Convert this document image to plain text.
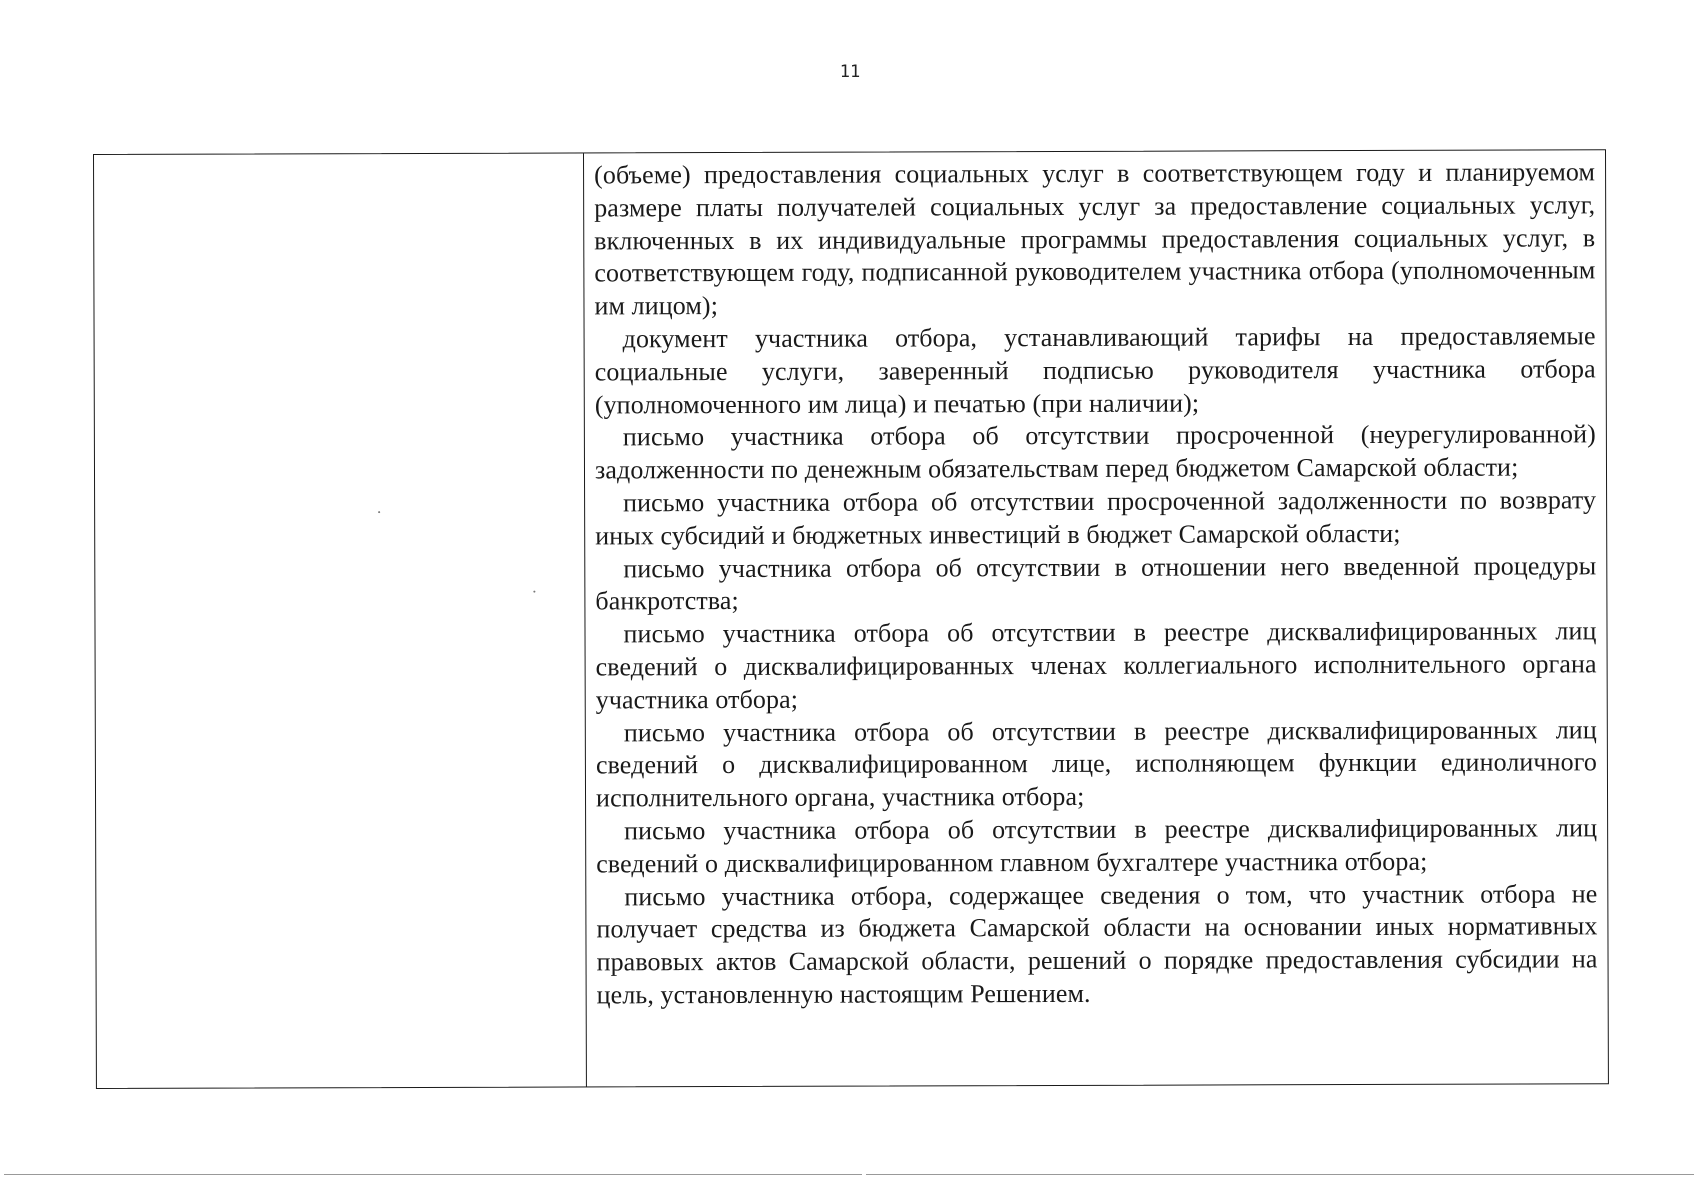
11

(объеме) предоставления социальных услуг в соответствующем году и планируемом размере платы получателей социальных услуг за предоставление социальных услуг, включенных в их индивидуальные программы предоставления социальных услуг, в соответствующем году, подписанной руководителем участника отбора (уполномоченным им лицом);

документ участника отбора, устанавливающий тарифы на предоставляемые социальные услуги, заверенный подписью руководителя участника отбора (уполномоченного им лица) и печатью (при наличии);

письмо участника отбора об отсутствии просроченной (неурегулированной) задолженности по денежным обязательствам перед бюджетом Самарской области;

письмо участника отбора об отсутствии просроченной задолженности по возврату иных субсидий и бюджетных инвестиций в бюджет Самарской области;

письмо участника отбора об отсутствии в отношении него введенной процедуры банкротства;

письмо участника отбора об отсутствии в реестре дисквалифицированных лиц сведений о дисквалифицированных членах коллегиального исполнительного органа участника отбора;

письмо участника отбора об отсутствии в реестре дисквалифицированных лиц сведений о дисквалифицированном лице, исполняющем функции единоличного исполнительного органа, участника отбора;

письмо участника отбора об отсутствии в реестре дисквалифицированных лиц сведений о дисквалифицированном главном бухгалтере участника отбора;

письмо участника отбора, содержащее сведения о том, что участник отбора не получает средства из бюджета Самарской области на основании иных нормативных правовых актов Самарской области, решений о порядке предоставления субсидии на цель, установленную настоящим Решением.
